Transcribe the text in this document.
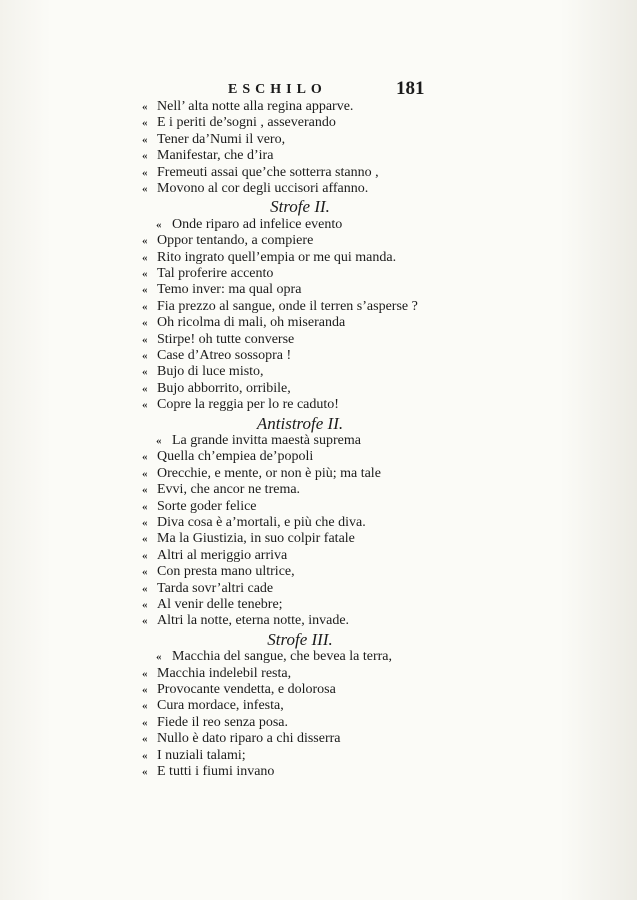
ESCHILO	181
« Nell’ alta notte alla regina apparve.
« E i periti de’sogni , asseverando
« Tener da’Numi il vero,
« Manifestar, che d’ira
« Fremeuti assai que’che sotterra stanno ,
« Movono al cor degli uccisori affanno.
Strofe II.
« Onde riparo ad infelice evento
« Oppor tentando, a compiere
« Rito ingrato quell’empia or me qui manda.
« Tal proferire accento
« Temo inver: ma qual opra
« Fia prezzo al sangue, onde il terren s’asperse ?
« Oh ricolma di mali, oh miseranda
« Stirpe! oh tutte converse
« Case d’Atreo sossopra !
« Bujo di luce misto,
« Bujo abborrito, orribile,
« Copre la reggia per lo re caduto!
Antistrofe II.
« La grande invitta maestà suprema
« Quella ch’empiea de’popoli
« Orecchie, e mente, or non è più; ma tale
« Evvi, che ancor ne trema.
« Sorte goder felice
« Diva cosa è a’mortali, e più che diva.
« Ma la Giustizia, in suo colpir fatale
« Altri al meriggio arriva
« Con presta mano ultrice,
« Tarda sovr’altri cade
« Al venir delle tenebre;
« Altri la notte, eterna notte, invade.
Strofe III.
« Macchia del sangue, che bevea la terra,
« Macchia indelebil resta,
« Provocante vendetta, e dolorosa
« Cura mordace, infesta,
« Fiede il reo senza posa.
« Nullo è dato riparo a chi disserra
« I nuziali talami;
« E tutti i fiumi invano
